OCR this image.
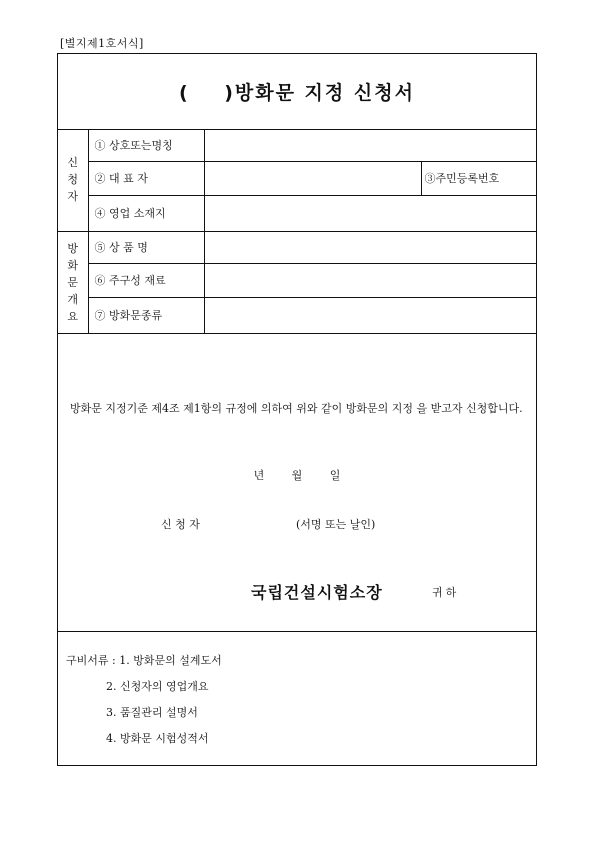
[별지제1호서식]
(    )방화문 지정 신청서
신
청
자	① 상호또는명칭		
	② 대 표 자		③주민등록번호
	④ 영업 소재지		

방
화
문
개
요	⑤ 상 품 명		
	⑥ 주구성 재료		
	⑦ 방화문종류		
방화문 지정기준 제4조 제1항의 규정에 의하여 위와 같이 방화문의 지정 을 받고자 신청합니다.
년 월 일
신 청 자	(서명 또는 날인)
국립건설시험소장	귀하
구비서류 : 1. 방화문의 설계도서
2. 신청자의 영업개요
3. 품질관리 설명서
4. 방화문 시험성적서
